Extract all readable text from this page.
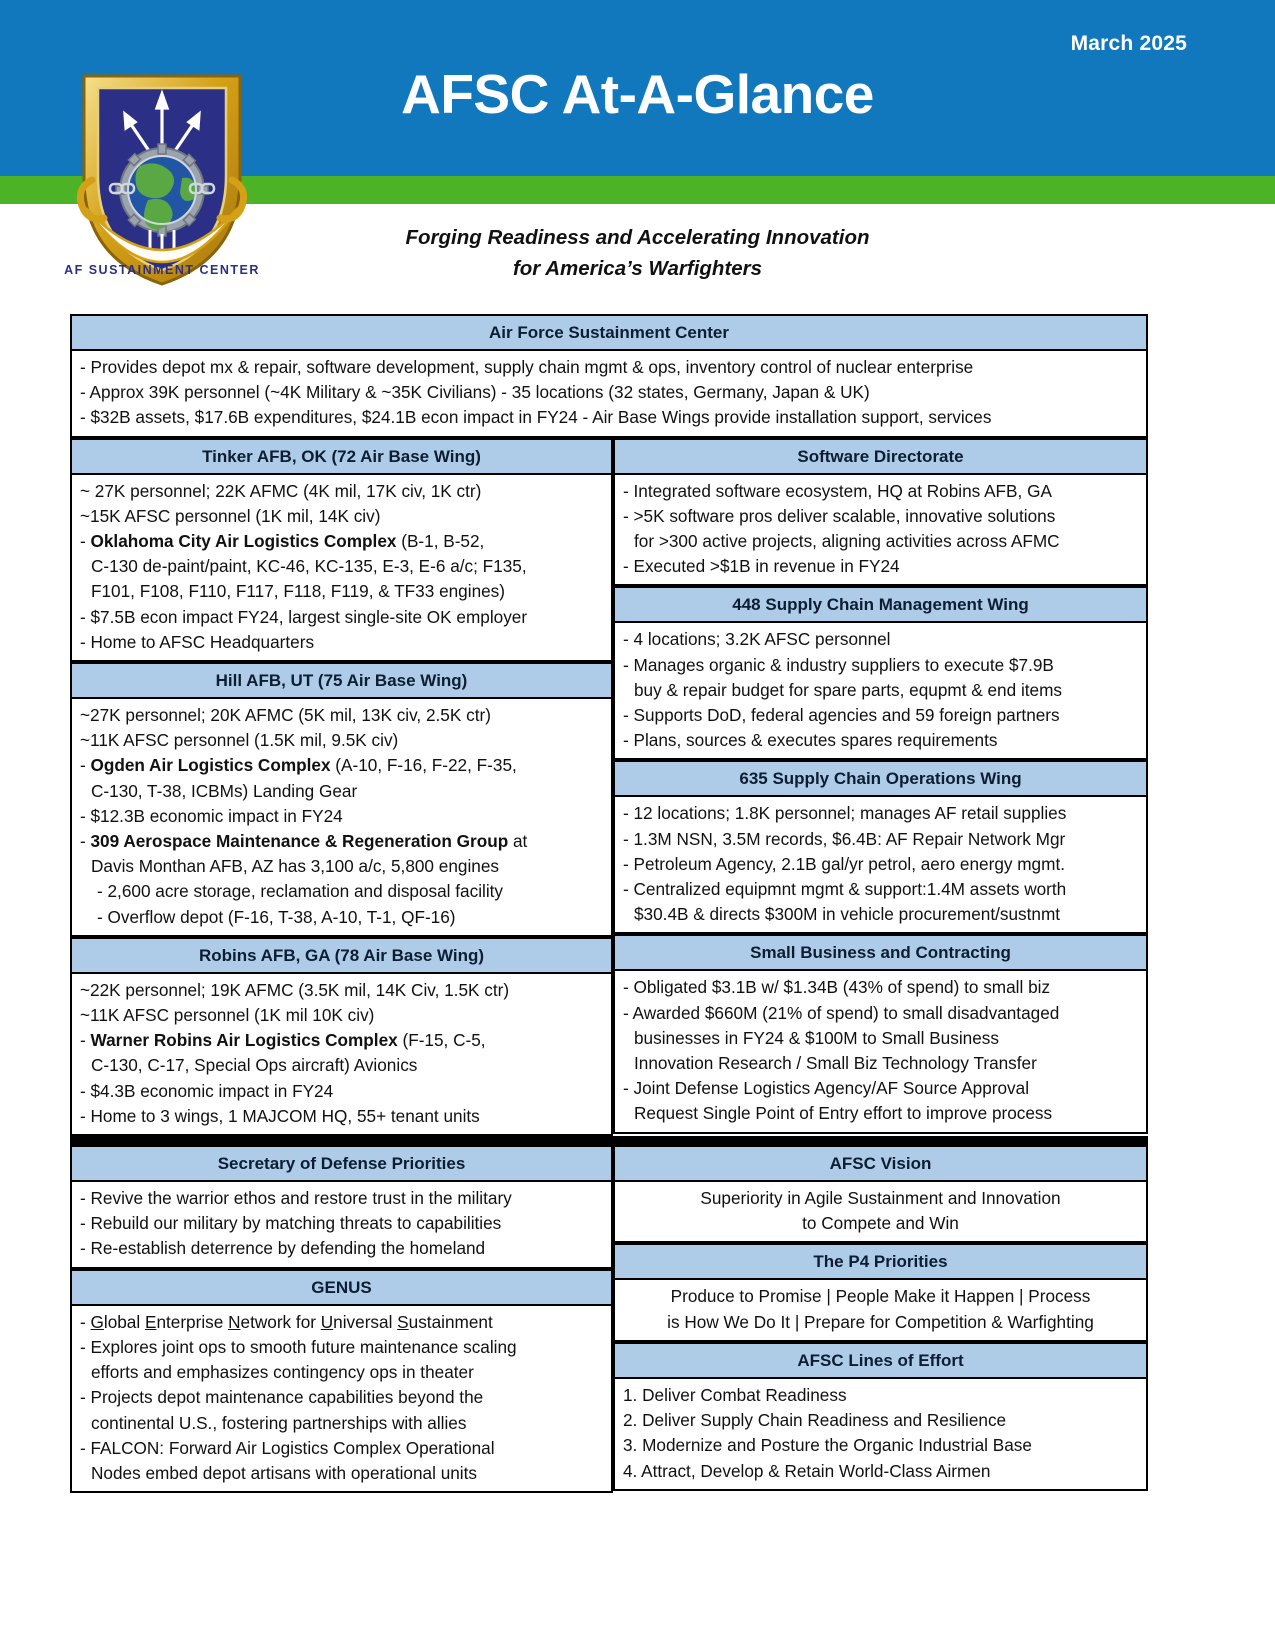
March 2025
AFSC At-A-Glance
AF SUSTAINMENT CENTER
Forging Readiness and Accelerating Innovation
for America’s Warfighters
Air Force Sustainment Center
- Provides depot mx & repair, software development, supply chain mgmt & ops, inventory control of nuclear enterprise
- Approx 39K personnel (~4K Military & ~35K Civilians) - 35 locations (32 states, Germany, Japan & UK)
- $32B assets, $17.6B expenditures, $24.1B econ impact in FY24 - Air Base Wings provide installation support, services
Tinker AFB, OK (72 Air Base Wing)
~ 27K personnel; 22K AFMC (4K mil, 17K civ, 1K ctr)
~15K AFSC personnel (1K mil, 14K civ)
- Oklahoma City Air Logistics Complex (B-1, B-52,
C-130 de-paint/paint, KC-46, KC-135, E-3, E-6 a/c; F135,
F101, F108, F110, F117, F118, F119, & TF33 engines)
- $7.5B econ impact FY24, largest single-site OK employer
- Home to AFSC Headquarters
Hill AFB, UT (75 Air Base Wing)
~27K personnel; 20K AFMC (5K mil, 13K civ, 2.5K ctr)
~11K AFSC personnel (1.5K mil, 9.5K civ)
- Ogden Air Logistics Complex (A-10, F-16, F-22, F-35,
C-130, T-38, ICBMs) Landing Gear
- $12.3B economic impact in FY24
- 309 Aerospace Maintenance & Regeneration Group at
Davis Monthan AFB, AZ has 3,100 a/c, 5,800 engines
- 2,600 acre storage, reclamation and disposal facility
- Overflow depot (F-16, T-38, A-10, T-1, QF-16)
Robins AFB, GA (78 Air Base Wing)
~22K personnel; 19K AFMC (3.5K mil, 14K Civ, 1.5K ctr)
~11K AFSC personnel (1K mil 10K civ)
- Warner Robins Air Logistics Complex (F-15, C-5,
C-130, C-17, Special Ops aircraft) Avionics
- $4.3B economic impact in FY24
- Home to 3 wings, 1 MAJCOM HQ, 55+ tenant units
Software Directorate
- Integrated software ecosystem, HQ at Robins AFB, GA
- >5K software pros deliver scalable, innovative solutions
for >300 active projects, aligning activities across AFMC
- Executed >$1B in revenue in FY24
448 Supply Chain Management Wing
- 4 locations; 3.2K AFSC personnel
- Manages organic & industry suppliers to execute $7.9B
buy & repair budget for spare parts, equpmt & end items
- Supports DoD, federal agencies and 59 foreign partners
- Plans, sources & executes spares requirements
635 Supply Chain Operations Wing
- 12 locations; 1.8K personnel; manages AF retail supplies
- 1.3M NSN, 3.5M records, $6.4B: AF Repair Network Mgr
- Petroleum Agency, 2.1B gal/yr petrol, aero energy mgmt.
- Centralized equipmnt mgmt & support:1.4M assets worth
$30.4B & directs $300M in vehicle procurement/sustnmt
Small Business and Contracting
- Obligated $3.1B w/ $1.34B (43% of spend) to small biz
- Awarded $660M (21% of spend) to small disadvantaged
businesses in FY24 & $100M to Small Business
Innovation Research / Small Biz Technology Transfer
- Joint Defense Logistics Agency/AF Source Approval
Request Single Point of Entry effort to improve process
Secretary of Defense Priorities
- Revive the warrior ethos and restore trust in the military
- Rebuild our military by matching threats to capabilities
- Re-establish deterrence by defending the homeland
GENUS
- Global Enterprise Network for Universal Sustainment
- Explores joint ops to smooth future maintenance scaling
efforts and emphasizes contingency ops in theater
- Projects depot maintenance capabilities beyond the
continental U.S., fostering partnerships with allies
- FALCON: Forward Air Logistics Complex Operational
Nodes embed depot artisans with operational units
AFSC Vision
Superiority in Agile Sustainment and Innovation
to Compete and Win
The P4 Priorities
Produce to Promise | People Make it Happen | Process
is How We Do It | Prepare for Competition & Warfighting
AFSC Lines of Effort
1. Deliver Combat Readiness
2. Deliver Supply Chain Readiness and Resilience
3. Modernize and Posture the Organic Industrial Base
4. Attract, Develop & Retain World-Class Airmen
